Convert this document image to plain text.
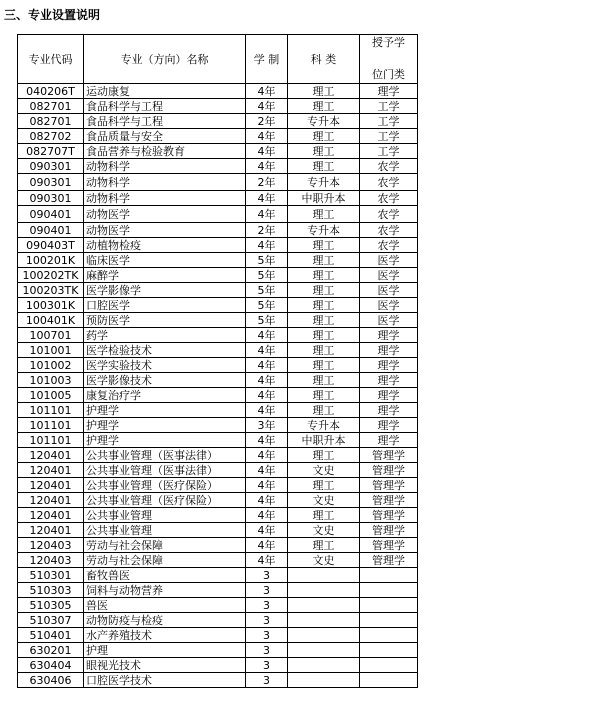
三、专业设置说明
专业代码	专业（方向）名称	学 制	科 类	授予学

位门类
040206T	运动康复	4年	理工	理学
082701	食品科学与工程	4年	理工	工学
082701	食品科学与工程	2年	专升本	工学
082702	食品质量与安全	4年	理工	工学
082707T	食品营养与检验教育	4年	理工	工学
090301	动物科学	4年	理工	农学
090301	动物科学	2年	专升本	农学
090301	动物科学	4年	中职升本	农学
090401	动物医学	4年	理工	农学
090401	动物医学	2年	专升本	农学
090403T	动植物检疫	4年	理工	农学
100201K	临床医学	5年	理工	医学
100202TK	麻醉学	5年	理工	医学
100203TK	医学影像学	5年	理工	医学
100301K	口腔医学	5年	理工	医学
100401K	预防医学	5年	理工	医学
100701	药学	4年	理工	理学
101001	医学检验技术	4年	理工	理学
101002	医学实验技术	4年	理工	理学
101003	医学影像技术	4年	理工	理学
101005	康复治疗学	4年	理工	理学
101101	护理学	4年	理工	理学
101101	护理学	3年	专升本	理学
101101	护理学	4年	中职升本	理学
120401	公共事业管理（医事法律）	4年	理工	管理学
120401	公共事业管理（医事法律）	4年	文史	管理学
120401	公共事业管理（医疗保险）	4年	理工	管理学
120401	公共事业管理（医疗保险）	4年	文史	管理学
120401	公共事业管理	4年	理工	管理学
120401	公共事业管理	4年	文史	管理学
120403	劳动与社会保障	4年	理工	管理学
120403	劳动与社会保障	4年	文史	管理学
510301	畜牧兽医	3		
510303	饲料与动物营养	3		
510305	兽医	3		
510307	动物防疫与检疫	3		
510401	水产养殖技术	3		
630201	护理	3		
630404	眼视光技术	3		
630406	口腔医学技术	3		
